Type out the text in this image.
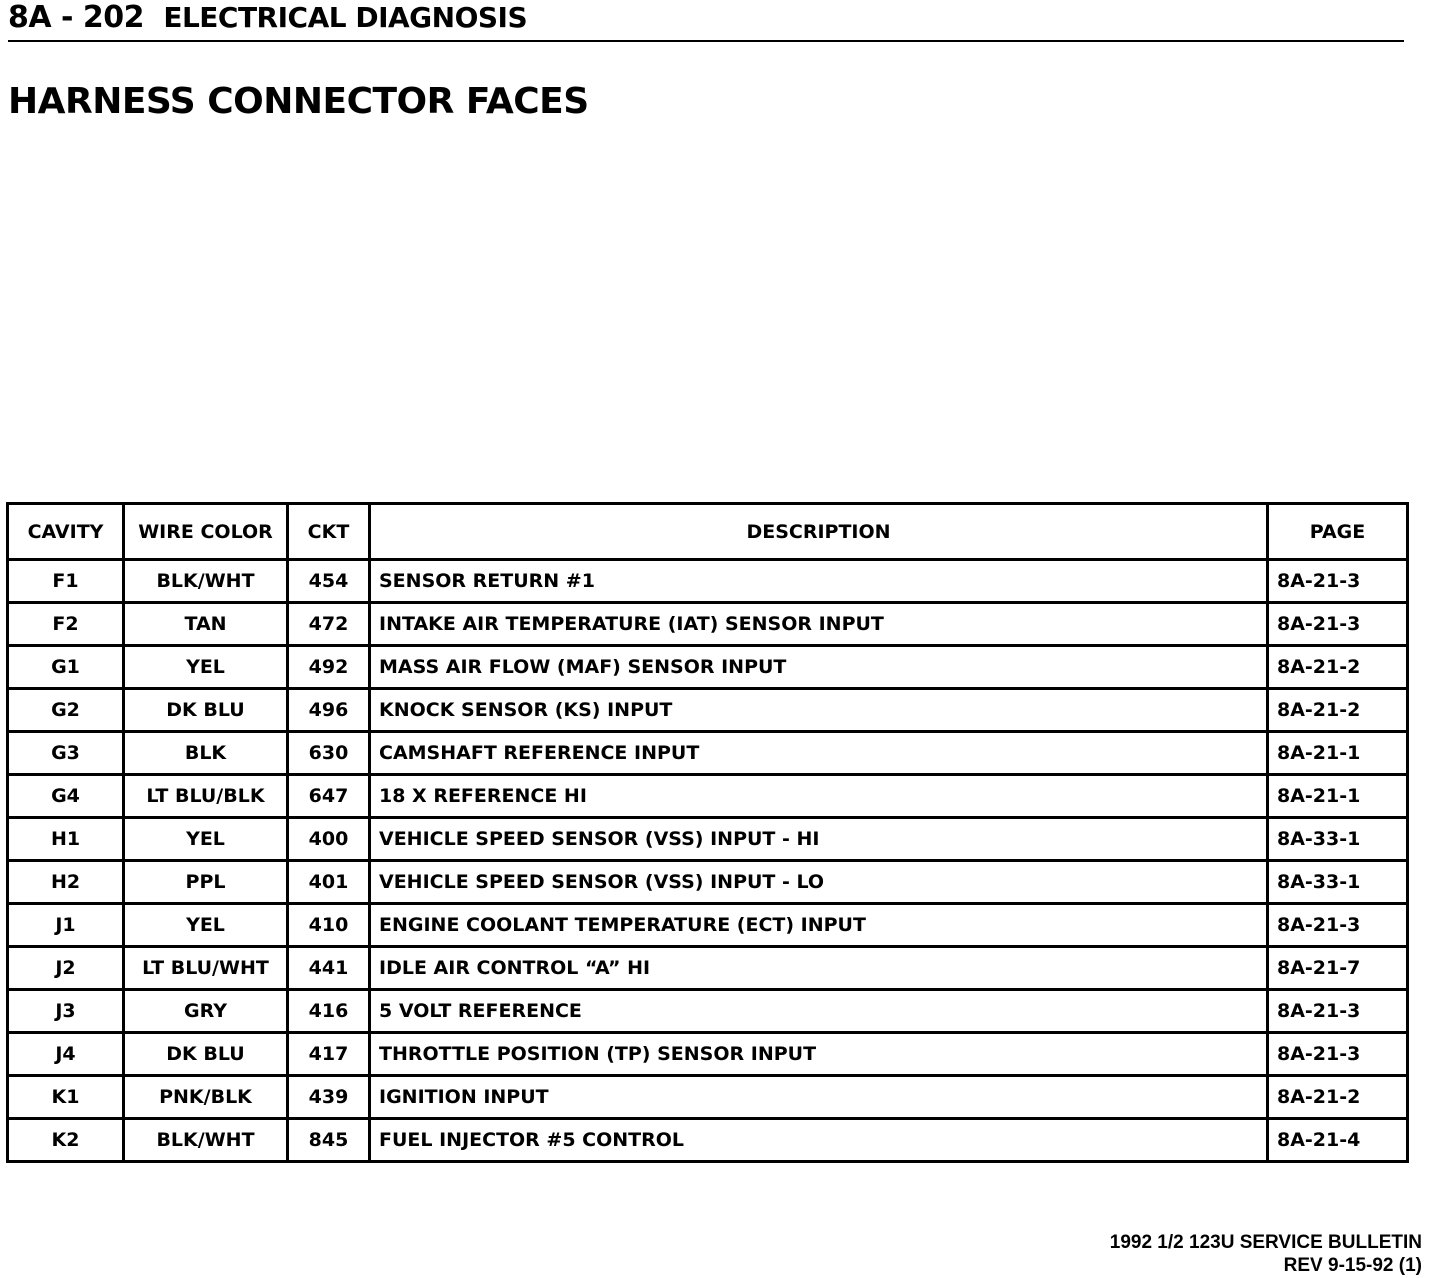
8A - 202 ELECTRICAL DIAGNOSIS
HARNESS CONNECTOR FACES
CAVITY	WIRE COLOR	CKT	DESCRIPTION	PAGE
F1	BLK/WHT	454	SENSOR RETURN #1	8A-21-3
F2	TAN	472	INTAKE AIR TEMPERATURE (IAT) SENSOR INPUT	8A-21-3
G1	YEL	492	MASS AIR FLOW (MAF) SENSOR INPUT	8A-21-2
G2	DK BLU	496	KNOCK SENSOR (KS) INPUT	8A-21-2
G3	BLK	630	CAMSHAFT REFERENCE INPUT	8A-21-1
G4	LT BLU/BLK	647	18 X REFERENCE HI	8A-21-1
H1	YEL	400	VEHICLE SPEED SENSOR (VSS) INPUT - HI	8A-33-1
H2	PPL	401	VEHICLE SPEED SENSOR (VSS) INPUT - LO	8A-33-1
J1	YEL	410	ENGINE COOLANT TEMPERATURE (ECT) INPUT	8A-21-3
J2	LT BLU/WHT	441	IDLE AIR CONTROL “A” HI	8A-21-7
J3	GRY	416	5 VOLT REFERENCE	8A-21-3
J4	DK BLU	417	THROTTLE POSITION (TP) SENSOR INPUT	8A-21-3
K1	PNK/BLK	439	IGNITION INPUT	8A-21-2
K2	BLK/WHT	845	FUEL INJECTOR #5 CONTROL	8A-21-4
1992 1/2 123U SERVICE BULLETIN
REV 9-15-92 (1)
